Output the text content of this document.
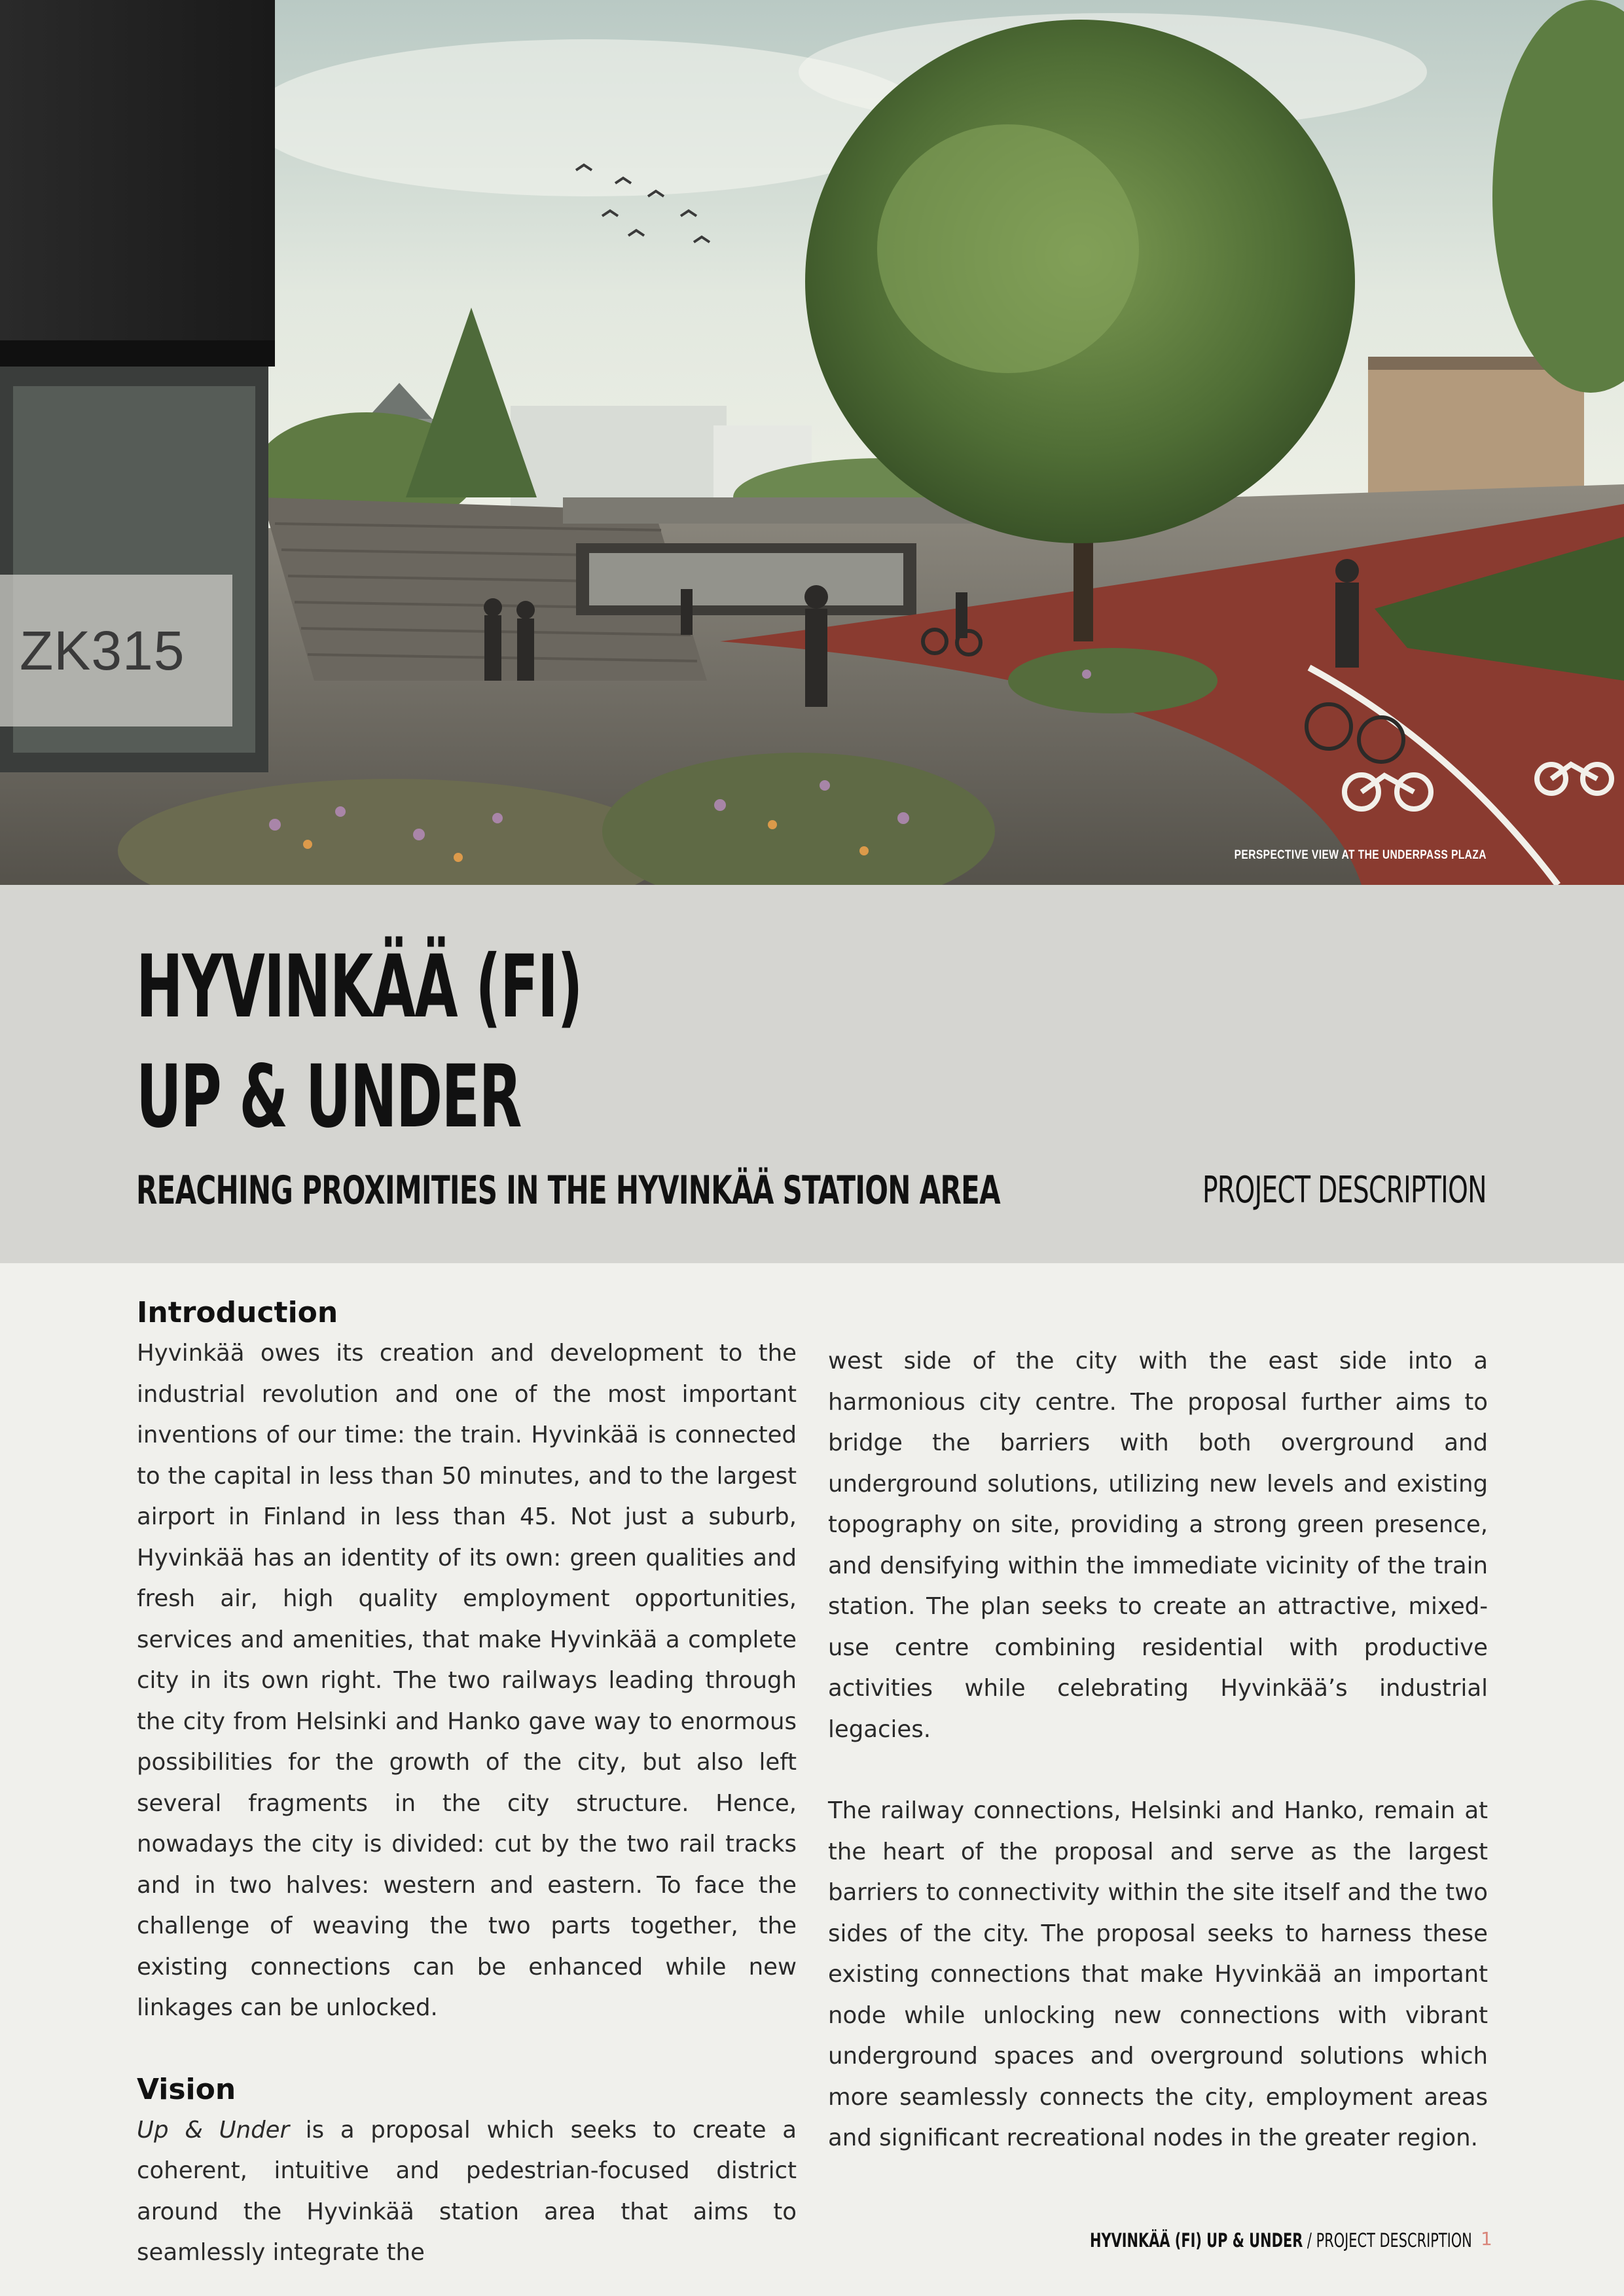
ZK315
PERSPECTIVE VIEW AT THE UNDERPASS PLAZA
HYVINKÄÄ (FI)
UP & UNDER
REACHING PROXIMITIES IN THE HYVINKÄÄ STATION AREA	PROJECT DESCRIPTION
Introduction

Hyvinkää owes its creation and development to the industrial revolution and one of the most important inventions of our time: the train. Hyvinkää is connected to the capital in less than 50 minutes, and to the largest airport in Finland in less than 45. Not just a suburb, Hyvinkää has an identity of its own: green qualities and fresh air, high quality employment opportunities, services and amenities, that make Hyvinkää a complete city in its own right. The two railways leading through the city from Helsinki and Hanko gave way to enormous possibilities for the growth of the city, but also left several fragments in the city structure. Hence, nowadays the city is divided: cut by the two rail tracks and in two halves: western and eastern. To face the challenge of weaving the two parts together, the existing connections can be enhanced while new linkages can be unlocked.

Vision

Up & Under is a proposal which seeks to create a coherent, intuitive and pedestrian-focused district around the Hyvinkää station area that aims to seamlessly integrate the

west side of the city with the east side into a harmonious city centre. The proposal further aims to bridge the barriers with both overground and underground solutions, utilizing new levels and existing topography on site, providing a strong green presence, and densifying within the immediate vicinity of the train station. The plan seeks to create an attractive, mixed-use centre combining residential with productive activities while celebrating Hyvinkää’s industrial legacies.

The railway connections, Helsinki and Hanko, remain at the heart of the proposal and serve as the largest barriers to connectivity within the site itself and the two sides of the city. The proposal seeks to harness these existing connections that make Hyvinkää an important node while unlocking new connections with vibrant underground spaces and overground solutions which more seamlessly connects the city, employment areas and significant recreational nodes in the greater region.

HYVINKÄÄ (FI) UP & UNDER / PROJECT DESCRIPTION 1
